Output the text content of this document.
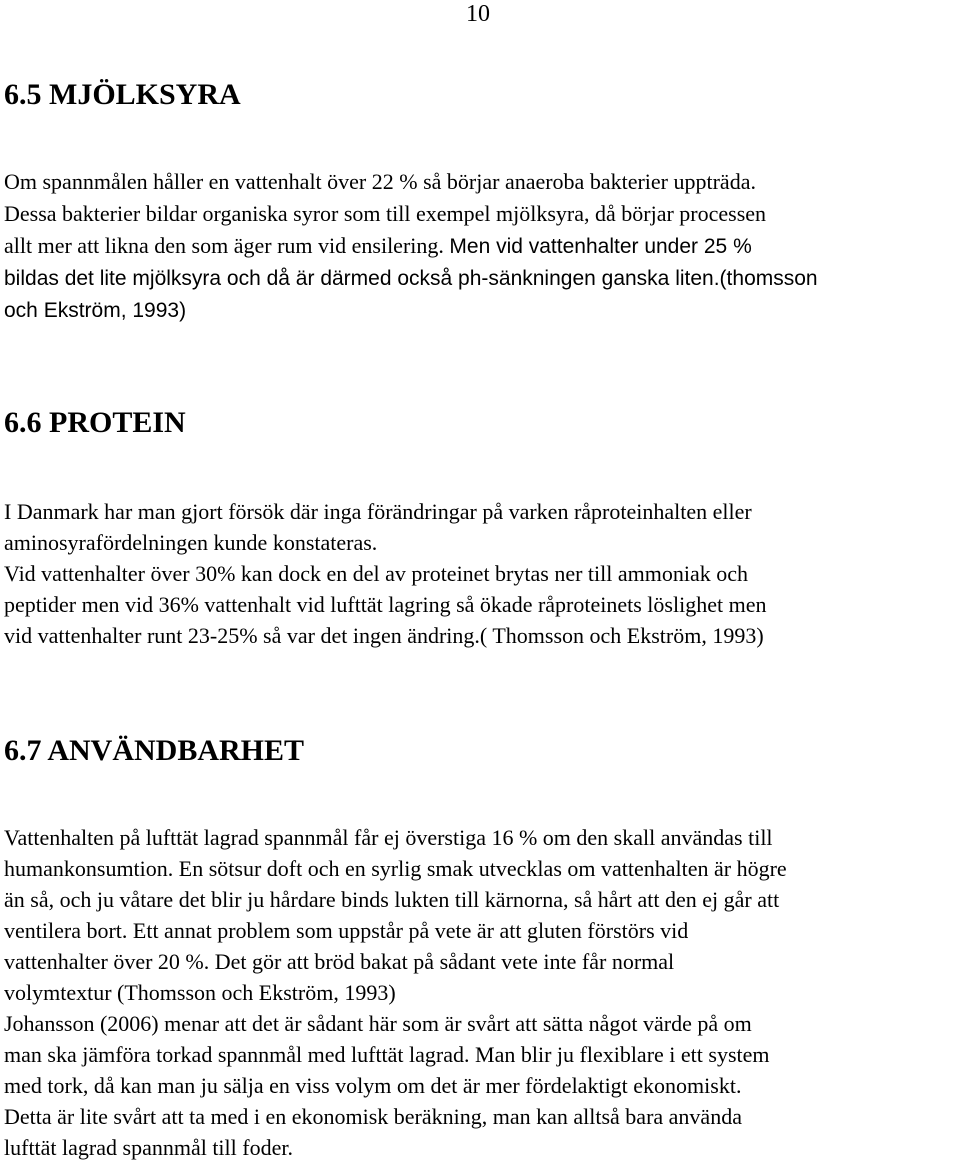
10
6.5 MJÖLKSYRA
Om spannmålen håller en vattenhalt över 22 % så börjar anaeroba bakterier uppträda.
Dessa bakterier bildar organiska syror som till exempel mjölksyra, då börjar processen
allt mer att likna den som äger rum vid ensilering. Men vid vattenhalter under 25 %
bildas det lite mjölksyra och då är därmed också ph-sänkningen ganska liten.(thomsson
och Ekström, 1993)
6.6 PROTEIN
I Danmark har man gjort försök där inga förändringar på varken råproteinhalten eller
aminosyrafördelningen kunde konstateras.
Vid vattenhalter över 30% kan dock en del av proteinet brytas ner till ammoniak och
peptider men vid 36% vattenhalt vid lufttät lagring så ökade råproteinets löslighet men
vid vattenhalter runt 23-25% så var det ingen ändring.( Thomsson och Ekström, 1993)
6.7 ANVÄNDBARHET
Vattenhalten på lufttät lagrad spannmål får ej överstiga 16 % om den skall användas till
humankonsumtion. En sötsur doft och en syrlig smak utvecklas om vattenhalten är högre
än så, och ju våtare det blir ju hårdare binds lukten till kärnorna, så hårt att den ej går att
ventilera bort. Ett annat problem som uppstår på vete är att gluten förstörs vid
vattenhalter över 20 %. Det gör att bröd bakat på sådant vete inte får normal
volymtextur (Thomsson och Ekström, 1993)
Johansson (2006) menar att det är sådant här som är svårt att sätta något värde på om
man ska jämföra torkad spannmål med lufttät lagrad. Man blir ju flexiblare i ett system
med tork, då kan man ju sälja en viss volym om det är mer fördelaktigt ekonomiskt.
Detta är lite svårt att ta med i en ekonomisk beräkning, man kan alltså bara använda
lufttät lagrad spannmål till foder.
